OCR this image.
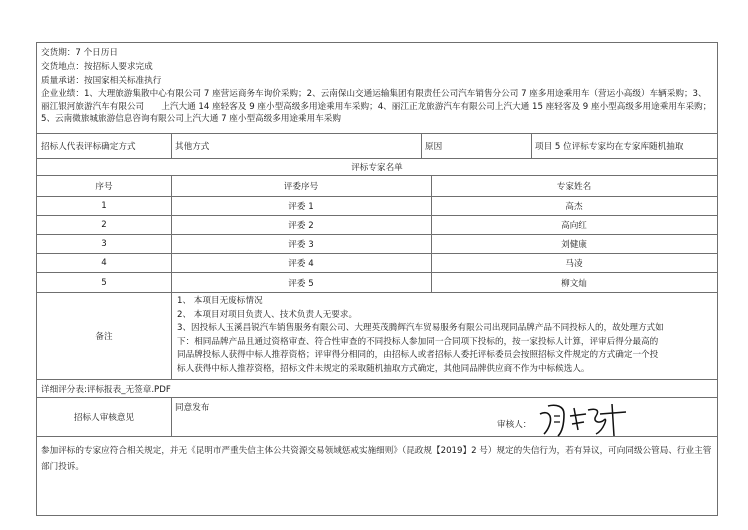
交货期：7 个日历日
交货地点：按招标人要求完成
质量承诺：按国家相关标准执行
企业业绩：1、大理旅游集散中心有限公司 7 座营运商务车询价采购；2、云南保山交通运输集团有限责任公司汽车销售分公司 7 座多用途乘用车（营运小高级）车辆采购；3、丽江银河旅游汽车有限公司　　上汽大通 14 座轻客及 9 座小型高级多用途乘用车采购；4、丽江正龙旅游汽车有限公司上汽大通 15 座轻客及 9 座小型高级多用途乘用车采购；5、云南微旅城旅游信息咨询有限公司上汽大通 7 座小型高级多用途乘用车采购
招标人代表评标确定方式	其他方式	原因	项目 5 位评标专家均在专家库随机抽取
评标专家名单
序号	评委序号	专家姓名
1	评委 1	高杰
2	评委 2	高向红
3	评委 3	刘健康
4	评委 4	马凌
5	评委 5	柳文灿
备注
1、 本项目无废标情况
2、 本项目对项目负责人、技术负责人无要求。
3、因投标人玉溪昌锐汽车销售服务有限公司、大理英茂腾辉汽车贸易服务有限公司出现同品牌产品不同投标人的，故处理方式如
下：相同品牌产品且通过资格审查、符合性审查的不同投标人参加同一合同项下投标的，按一家投标人计算，评审后得分最高的
同品牌投标人获得中标人推荐资格；评审得分相同的，由招标人或者招标人委托评标委员会按照招标文件规定的方式确定一个投
标人获得中标人推荐资格，招标文件未规定的采取随机抽取方式确定，其他同品牌供应商不作为中标候选人。
详细评分表:评标报表_无签章.PDF
招标人审核意见
同意发布
审核人：
参加评标的专家应符合相关规定，并无《昆明市严重失信主体公共资源交易领域惩戒实施细则》（昆政规【2019】2 号）规定的失信行为，若有异议，可向同级公管局、行业主管部门投诉。
